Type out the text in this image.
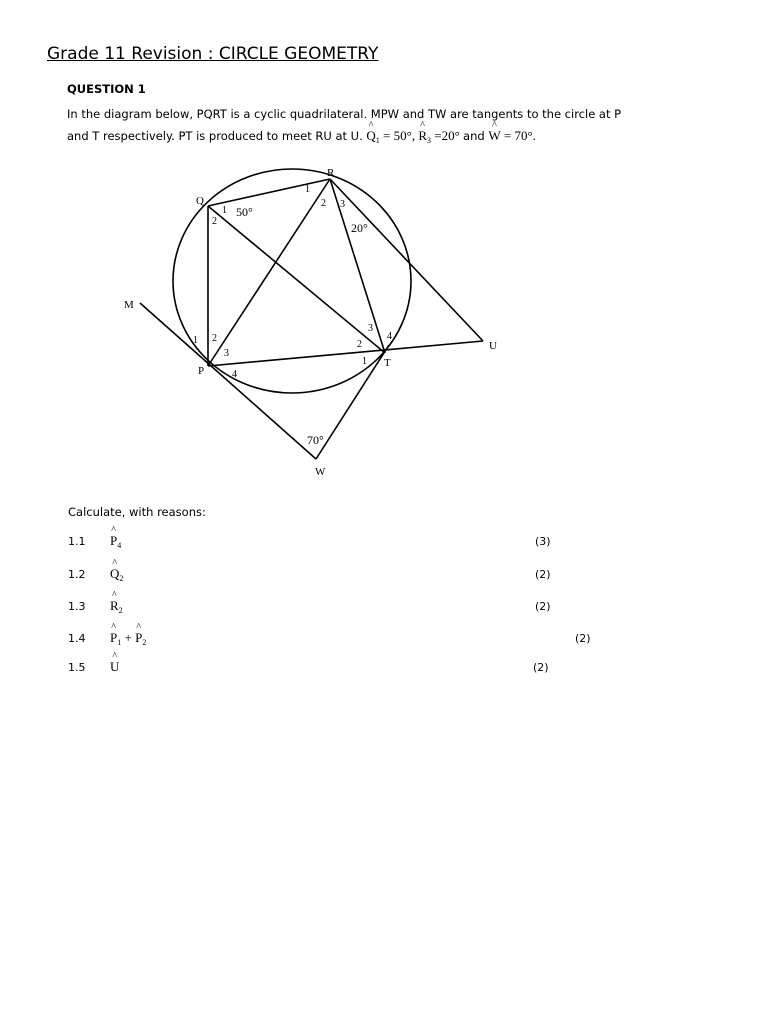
Grade 11 Revision : CIRCLE GEOMETRY
QUESTION 1
In the diagram below, PQRT is a cyclic quadrilateral. MPW and TW are tangents to the circle at P
and T respectively. PT is produced to meet RU at U. ^ $Q_1 = 50^\circ$, ^ $R_3 =20^\circ$ and ^ W = 70°.
Q
R
M
P
T
U
W
1
2
50°
1
2 3
20°
1 2
3
4
1
2
3
4
70°
Calculate, with reasons:
1.1 ^ $P_4$	(3)
1.2 ^ $Q_2$	(2)
1.3 ^ $R_2$	(2)
1.4 ^ $P_1$ + ^ $P_2$	(2)
1.5 ^ U	(2)
